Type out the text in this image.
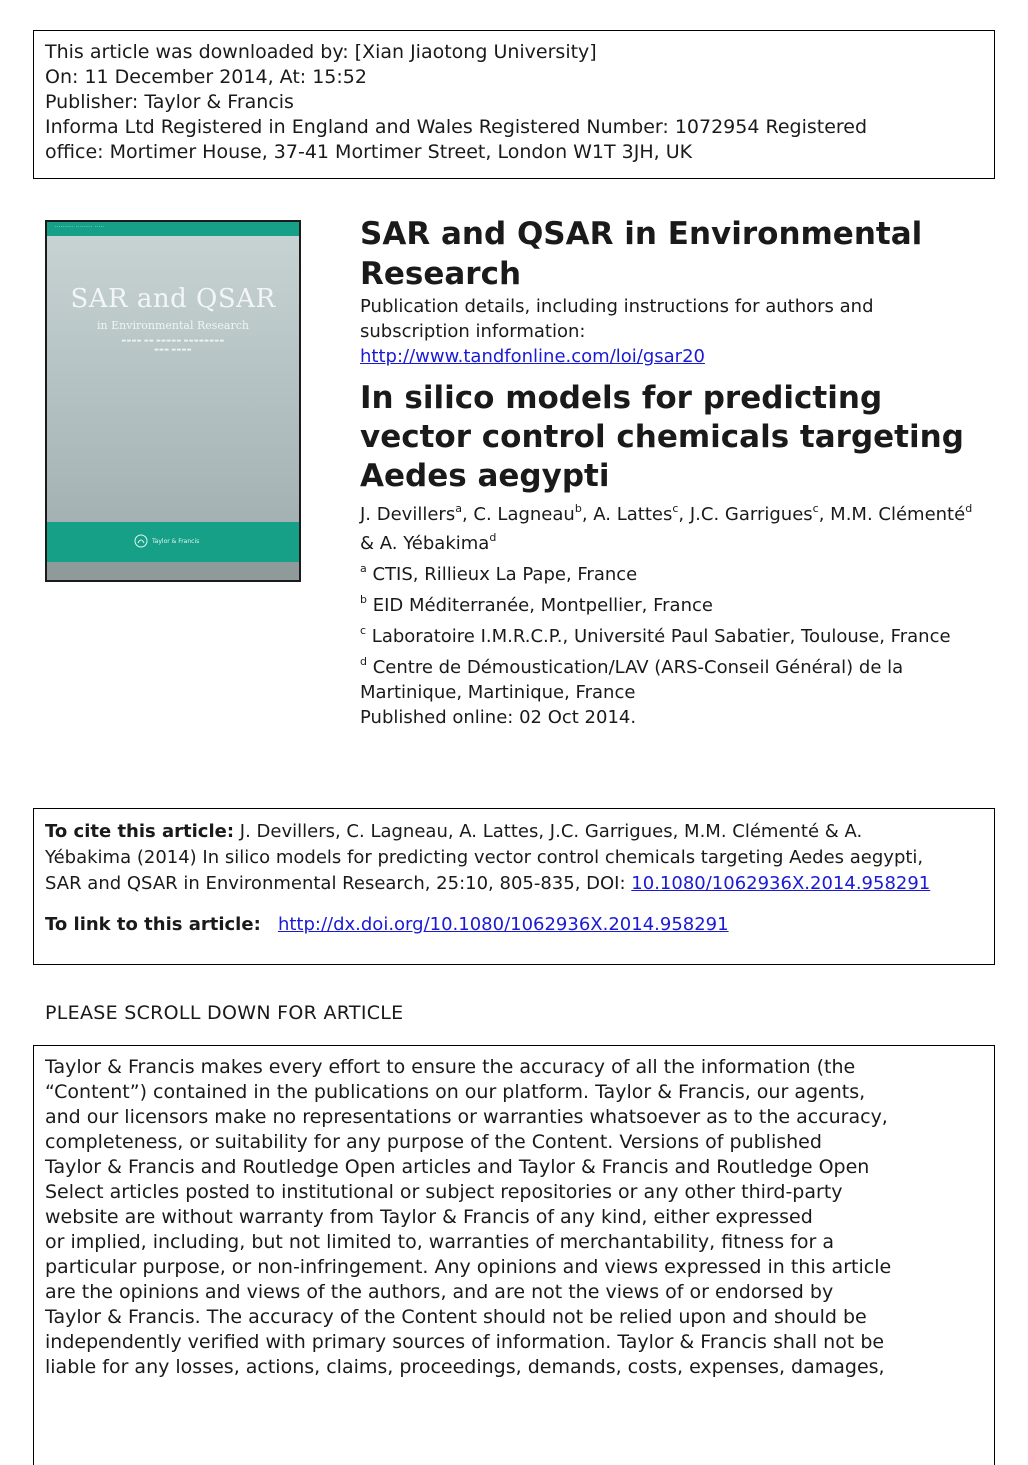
This article was downloaded by: [Xian Jiaotong University]
On: 11 December 2014, At: 15:52
Publisher: Taylor & Francis
Informa Ltd Registered in England and Wales Registered Number: 1072954 Registered
office: Mortimer House, 37-41 Mortimer Street, London W1T 3JH, UK
·········· ········· ·····
SAR and QSAR
in Environmental Research
▬▬▬▬ ▬▬ ▬▬▬▬▬ ▬▬▬▬▬▬▬▬
▬▬▬ ▬▬▬▬
Taylor & Francis
SAR and QSAR in Environmental Research
Publication details, including instructions for authors and
subscription information:
http://www.tandfonline.com/loi/gsar20
In silico models for predicting vector control chemicals targeting Aedes aegypti
J. Devillers$^a$, C. Lagneau$^b$, A. Lattes$^c$, J.C. Garrigues$^c$, M.M. Clémenté$^d$ & A. Yébakima$^d$
$^a$ CTIS, Rillieux La Pape, France
$^b$ EID Méditerranée, Montpellier, France
$^c$ Laboratoire I.M.R.C.P., Université Paul Sabatier, Toulouse, France
$^d$ Centre de Démoustication/LAV (ARS-Conseil Général) de la Martinique, Martinique, France
Published online: 02 Oct 2014.
To cite this article: J. Devillers, C. Lagneau, A. Lattes, J.C. Garrigues, M.M. Clémenté & A.
Yébakima (2014) In silico models for predicting vector control chemicals targeting Aedes aegypti,
SAR and QSAR in Environmental Research, 25:10, 805-835, DOI: 10.1080/1062936X.2014.958291
To link to this article: http://dx.doi.org/10.1080/1062936X.2014.958291
PLEASE SCROLL DOWN FOR ARTICLE
Taylor & Francis makes every effort to ensure the accuracy of all the information (the
“Content”) contained in the publications on our platform. Taylor & Francis, our agents,
and our licensors make no representations or warranties whatsoever as to the accuracy,
completeness, or suitability for any purpose of the Content. Versions of published
Taylor & Francis and Routledge Open articles and Taylor & Francis and Routledge Open
Select articles posted to institutional or subject repositories or any other third-party
website are without warranty from Taylor & Francis of any kind, either expressed
or implied, including, but not limited to, warranties of merchantability, fitness for a
particular purpose, or non-infringement. Any opinions and views expressed in this article
are the opinions and views of the authors, and are not the views of or endorsed by
Taylor & Francis. The accuracy of the Content should not be relied upon and should be
independently verified with primary sources of information. Taylor & Francis shall not be
liable for any losses, actions, claims, proceedings, demands, costs, expenses, damages,
